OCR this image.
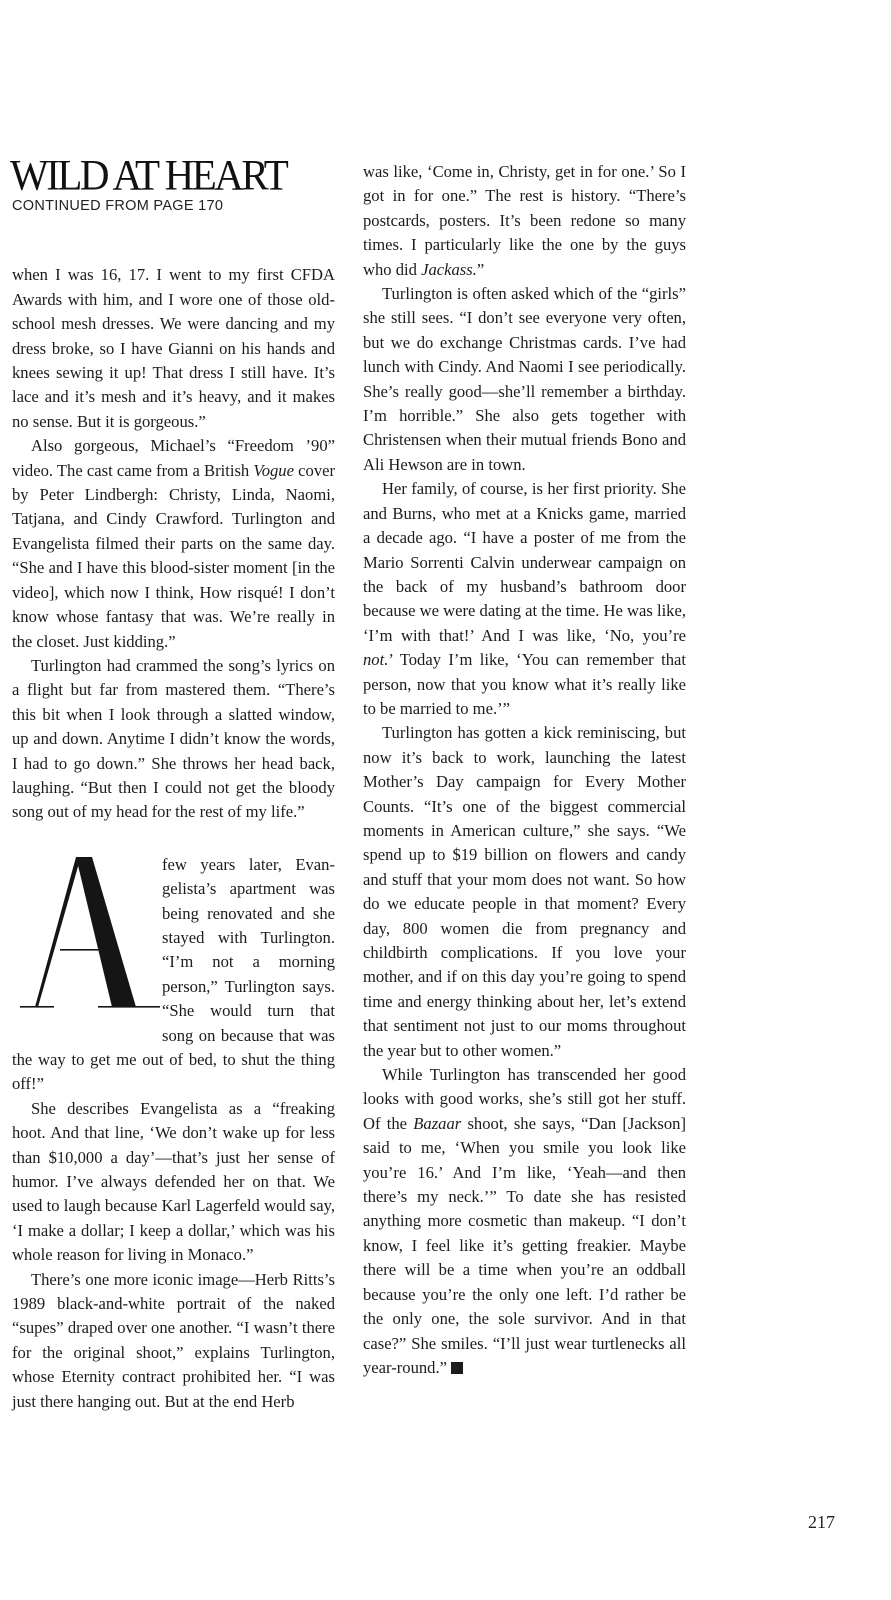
WILD AT HEART
CONTINUED FROM PAGE 170

when I was 16, 17. I went to my first CFDA Awards with him, and I wore one of those old-school mesh dresses. We were dancing and my dress broke, so I have Gianni on his hands and knees sewing it up! That dress I still have. It’s lace and it’s mesh and it’s heavy, and it makes no sense. But it is gorgeous.”

Also gorgeous, Michael’s “Freedom ’90” video. The cast came from a British Vogue cover by Peter Lindbergh: Christy, Linda, Naomi, Tatjana, and Cindy Crawford. Turlington and Evangelista filmed their parts on the same day. “She and I have this blood-sister moment [in the video], which now I think, How risqué! I don’t know whose fantasy that was. We’re really in the closet. Just kidding.”

Turlington had crammed the song’s lyrics on a flight but far from mastered them. “There’s this bit when I look through a slatted window, up and down. Anytime I didn’t know the words, I had to go down.” She throws her head back, laughing. “But then I could not get the bloody song out of my head for the rest of my life.”

few years later, Evangelista’s apartment was being renovated and she stayed with Turlington. “I’m not a morning person,” Turlington says. “She would turn that song on because that was the way to get me out of bed, to shut the thing off!”

She describes Evangelista as a “freaking hoot. And that line, ‘We don’t wake up for less than $10,000 a day’—that’s just her sense of humor. I’ve always defended her on that. We used to laugh because Karl Lagerfeld would say, ‘I make a dollar; I keep a dollar,’ which was his whole reason for living in Monaco.”

There’s one more iconic image—Herb Ritts’s 1989 black-and-white portrait of the naked “supes” draped over one another. “I wasn’t there for the original shoot,” explains Turlington, whose Eternity contract prohibited her. “I was just there hanging out. But at the end Herb

was like, ‘Come in, Christy, get in for one.’ So I got in for one.” The rest is history. “There’s postcards, posters. It’s been redone so many times. I particularly like the one by the guys who did Jackass.”

Turlington is often asked which of the “girls” she still sees. “I don’t see everyone very often, but we do exchange Christmas cards. I’ve had lunch with Cindy. And Naomi I see periodically. She’s really good—she’ll remember a birthday. I’m horrible.” She also gets together with Christensen when their mutual friends Bono and Ali Hewson are in town.

Her family, of course, is her first priority. She and Burns, who met at a Knicks game, married a decade ago. “I have a poster of me from the Mario Sorrenti Calvin underwear campaign on the back of my husband’s bathroom door because we were dating at the time. He was like, ‘I’m with that!’ And I was like, ‘No, you’re not.’ Today I’m like, ‘You can remember that person, now that you know what it’s really like to be married to me.’”

Turlington has gotten a kick reminiscing, but now it’s back to work, launching the latest Mother’s Day campaign for Every Mother Counts. “It’s one of the biggest commercial moments in American culture,” she says. “We spend up to $19 billion on flowers and candy and stuff that your mom does not want. So how do we educate people in that moment? Every day, 800 women die from pregnancy and childbirth complications. If you love your mother, and if on this day you’re going to spend time and energy thinking about her, let’s extend that sentiment not just to our moms throughout the year but to other women.”

While Turlington has transcended her good looks with good works, she’s still got her stuff. Of the Bazaar shoot, she says, “Dan [Jackson] said to me, ‘When you smile you look like you’re 16.’ And I’m like, ‘Yeah—and then there’s my neck.’” To date she has resisted anything more cosmetic than makeup. “I don’t know, I feel like it’s getting freakier. Maybe there will be a time when you’re an oddball because you’re the only one left. I’d rather be the only one, the sole survivor. And in that case?” She smiles. “I’ll just wear turtlenecks all year-round.”

217
